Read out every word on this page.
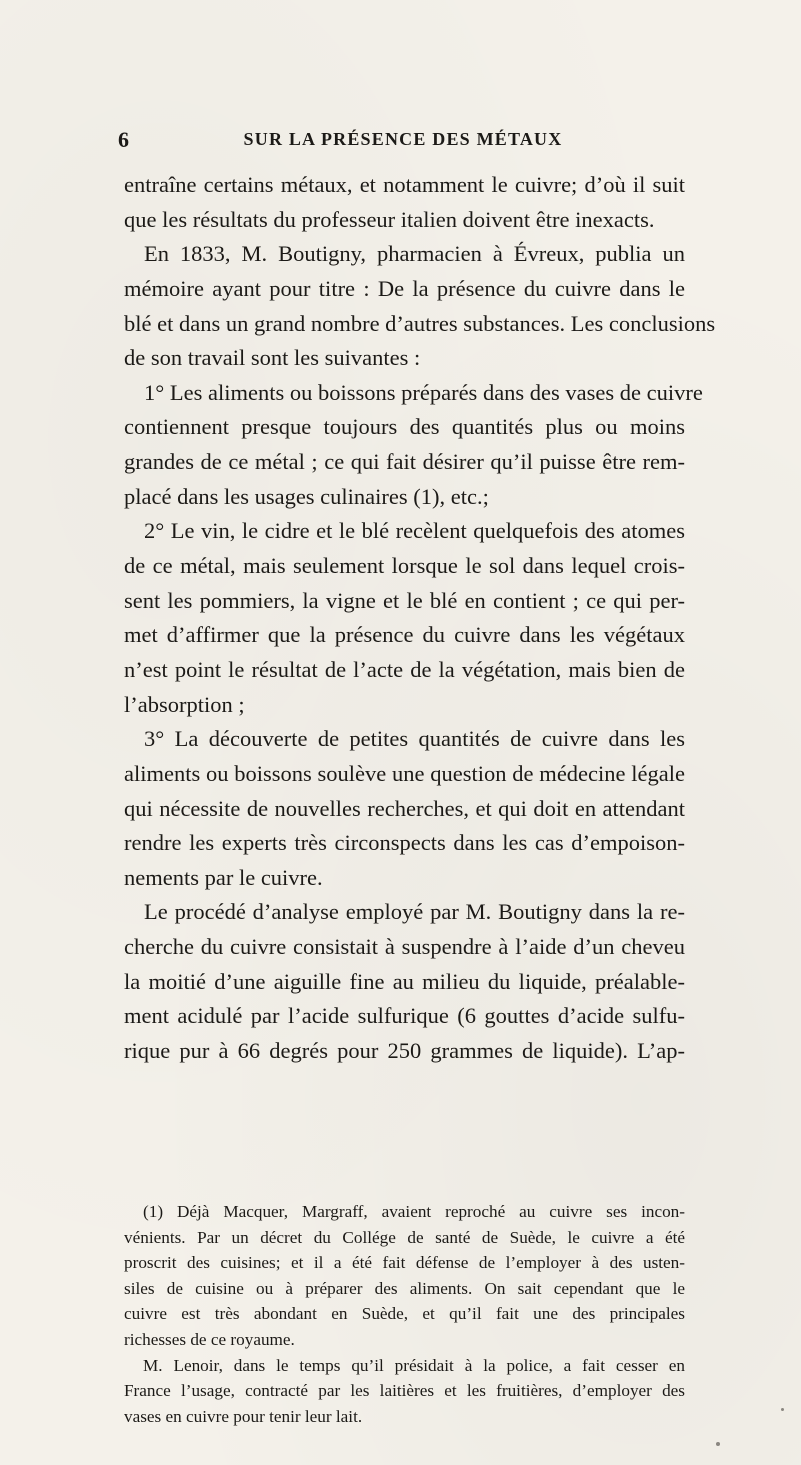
6	SUR LA PRÉSENCE DES MÉTAUX
entraîne certains métaux, et notamment le cuivre; d’où il suit
que les résultats du professeur italien doivent être inexacts.
En 1833, M. Boutigny, pharmacien à Évreux, publia un
mémoire ayant pour titre : De la présence du cuivre dans le
blé et dans un grand nombre d’autres substances. Les conclusions
de son travail sont les suivantes :
1° Les aliments ou boissons préparés dans des vases de cuivre
contiennent presque toujours des quantités plus ou moins
grandes de ce métal ; ce qui fait désirer qu’il puisse être rem-
placé dans les usages culinaires (1), etc.;
2° Le vin, le cidre et le blé recèlent quelquefois des atomes
de ce métal, mais seulement lorsque le sol dans lequel crois-
sent les pommiers, la vigne et le blé en contient ; ce qui per-
met d’affirmer que la présence du cuivre dans les végétaux
n’est point le résultat de l’acte de la végétation, mais bien de
l’absorption ;
3° La découverte de petites quantités de cuivre dans les
aliments ou boissons soulève une question de médecine légale
qui nécessite de nouvelles recherches, et qui doit en attendant
rendre les experts très circonspects dans les cas d’empoison-
nements par le cuivre.
Le procédé d’analyse employé par M. Boutigny dans la re-
cherche du cuivre consistait à suspendre à l’aide d’un cheveu
la moitié d’une aiguille fine au milieu du liquide, préalable-
ment acidulé par l’acide sulfurique (6 gouttes d’acide sulfu-
rique pur à 66 degrés pour 250 grammes de liquide). L’ap-
(1) Déjà Macquer, Margraff, avaient reproché au cuivre ses incon-
vénients. Par un décret du Collége de santé de Suède, le cuivre a été
proscrit des cuisines; et il a été fait défense de l’employer à des usten-
siles de cuisine ou à préparer des aliments. On sait cependant que le
cuivre est très abondant en Suède, et qu’il fait une des principales
richesses de ce royaume.
M. Lenoir, dans le temps qu’il présidait à la police, a fait cesser en
France l’usage, contracté par les laitières et les fruitières, d’employer des
vases en cuivre pour tenir leur lait.
